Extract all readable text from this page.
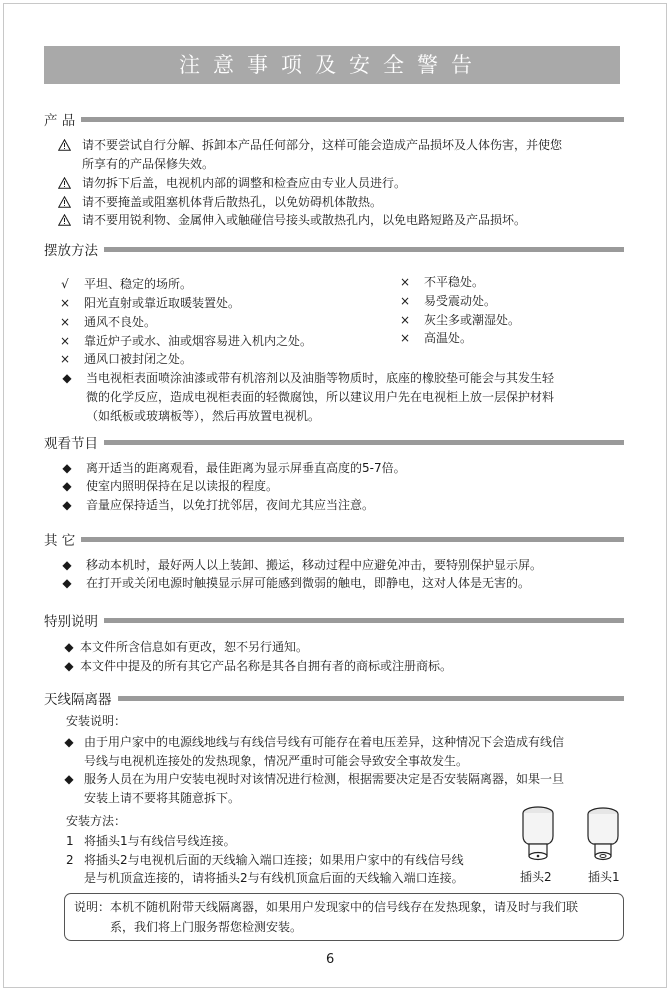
注意事项及安全警告
产 品
请不要尝试自行分解、拆卸本产品任何部分，这样可能会造成产品损坏及人体伤害，并使您
所享有的产品保修失效。
请勿拆下后盖，电视机内部的调整和检查应由专业人员进行。
请不要掩盖或阻塞机体背后散热孔，以免妨碍机体散热。
请不要用锐利物、金属伸入或触碰信号接头或散热孔内，以免电路短路及产品损坏。
摆放方法
√ 平坦、稳定的场所。
× 阳光直射或靠近取暖装置处。
× 通风不良处。
× 靠近炉子或水、油或烟容易进入机内之处。
× 通风口被封闭之处。
× 不平稳处。
× 易受震动处。
× 灰尘多或潮湿处。
× 高温处。
◆ 当电视柜表面喷涂油漆或带有机溶剂以及油脂等物质时，底座的橡胶垫可能会与其发生轻
微的化学反应，造成电视柜表面的轻微腐蚀，所以建议用户先在电视柜上放一层保护材料
（如纸板或玻璃板等），然后再放置电视机。
观看节目
◆ 离开适当的距离观看，最佳距离为显示屏垂直高度的5-7倍。
◆ 使室内照明保持在足以读报的程度。
◆ 音量应保持适当，以免打扰邻居，夜间尤其应当注意。
其 它
◆ 移动本机时，最好两人以上装卸、搬运，移动过程中应避免冲击，要特别保护显示屏。
◆ 在打开或关闭电源时触摸显示屏可能感到微弱的触电，即静电，这对人体是无害的。
特别说明
◆ 本文件所含信息如有更改，恕不另行通知。
◆ 本文件中提及的所有其它产品名称是其各自拥有者的商标或注册商标。
天线隔离器
安装说明：
◆ 由于用户家中的电源线地线与有线信号线有可能存在着电压差异，这种情况下会造成有线信
号线与电视机连接处的发热现象，情况严重时可能会导致安全事故发生。
◆ 服务人员在为用户安装电视时对该情况进行检测，根据需要决定是否安装隔离器，如果一旦
安装上请不要将其随意拆下。
安装方法：
1 将插头1与有线信号线连接。
2 将插头2与电视机后面的天线输入端口连接；如果用户家中的有线信号线
是与机顶盒连接的，请将插头2与有线机顶盒后面的天线输入端口连接。	插头2	插头1
说明：本机不随机附带天线隔离器，如果用户发现家中的信号线存在发热现象，请及时与我们联
系，我们将上门服务帮您检测安装。
6
